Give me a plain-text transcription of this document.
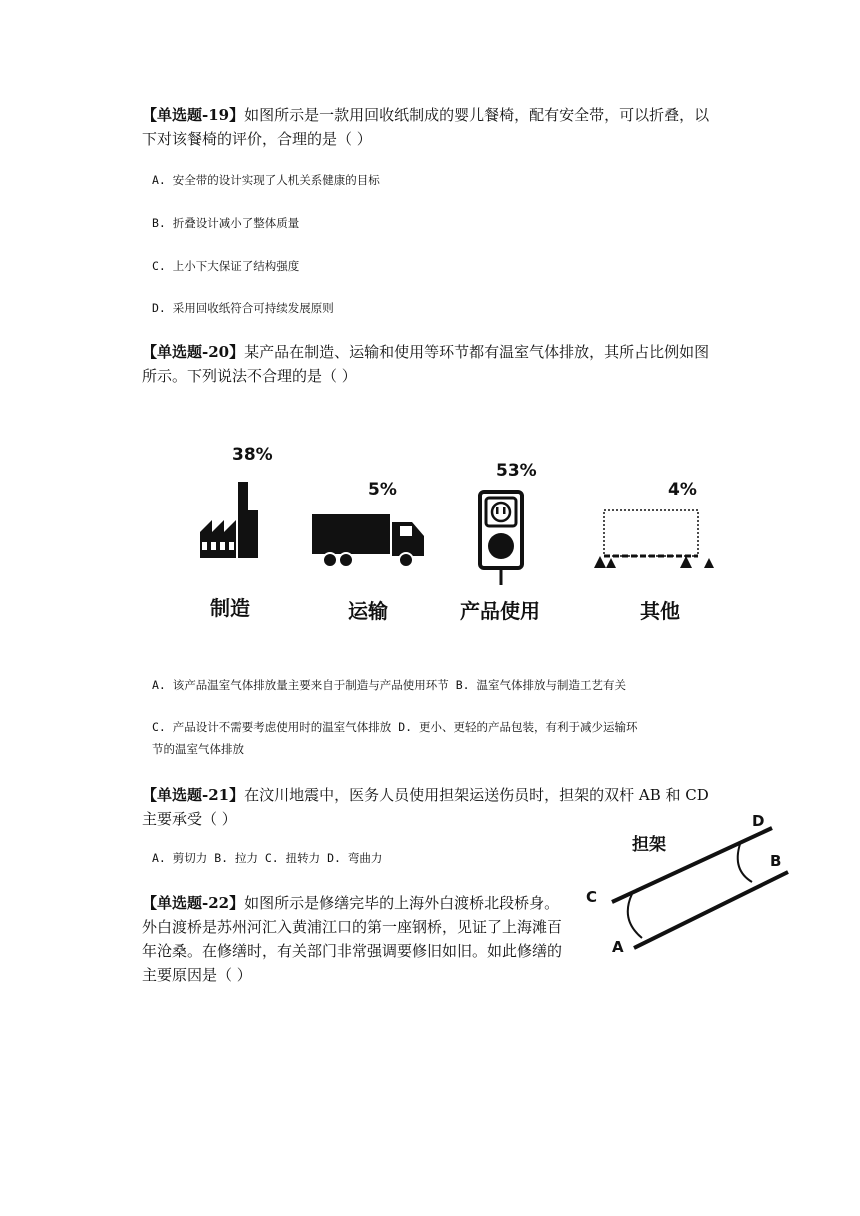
【单选题-19】如图所示是一款用回收纸制成的婴儿餐椅，配有安全带，可以折叠，以下对该餐椅的评价，合理的是（ ）
A. 安全带的设计实现了人机关系健康的目标
B. 折叠设计减小了整体质量
C. 上小下大保证了结构强度
D. 采用回收纸符合可持续发展原则
【单选题-20】某产品在制造、运输和使用等环节都有温室气体排放，其所占比例如图所示。下列说法不合理的是（ ）
38%
5%
53%
4%
制造	运输	产品使用	其他
A. 该产品温室气体排放量主要来自于制造与产品使用环节 B. 温室气体排放与制造工艺有关
C. 产品设计不需要考虑使用时的温室气体排放 D. 更小、更轻的产品包装，有利于减少运输环
节的温室气体排放
【单选题-21】在汶川地震中，医务人员使用担架运送伤员时，担架的双杆 AB 和 CD 主要承受（ ）
A. 剪切力 B. 拉力 C. 扭转力 D. 弯曲力
担架
D
B
C
A
【单选题-22】如图所示是修缮完毕的上海外白渡桥北段桥身。外白渡桥是苏州河汇入黄浦江口的第一座钢桥，见证了上海滩百年沧桑。在修缮时，有关部门非常强调要修旧如旧。如此修缮的主要原因是（ ）
